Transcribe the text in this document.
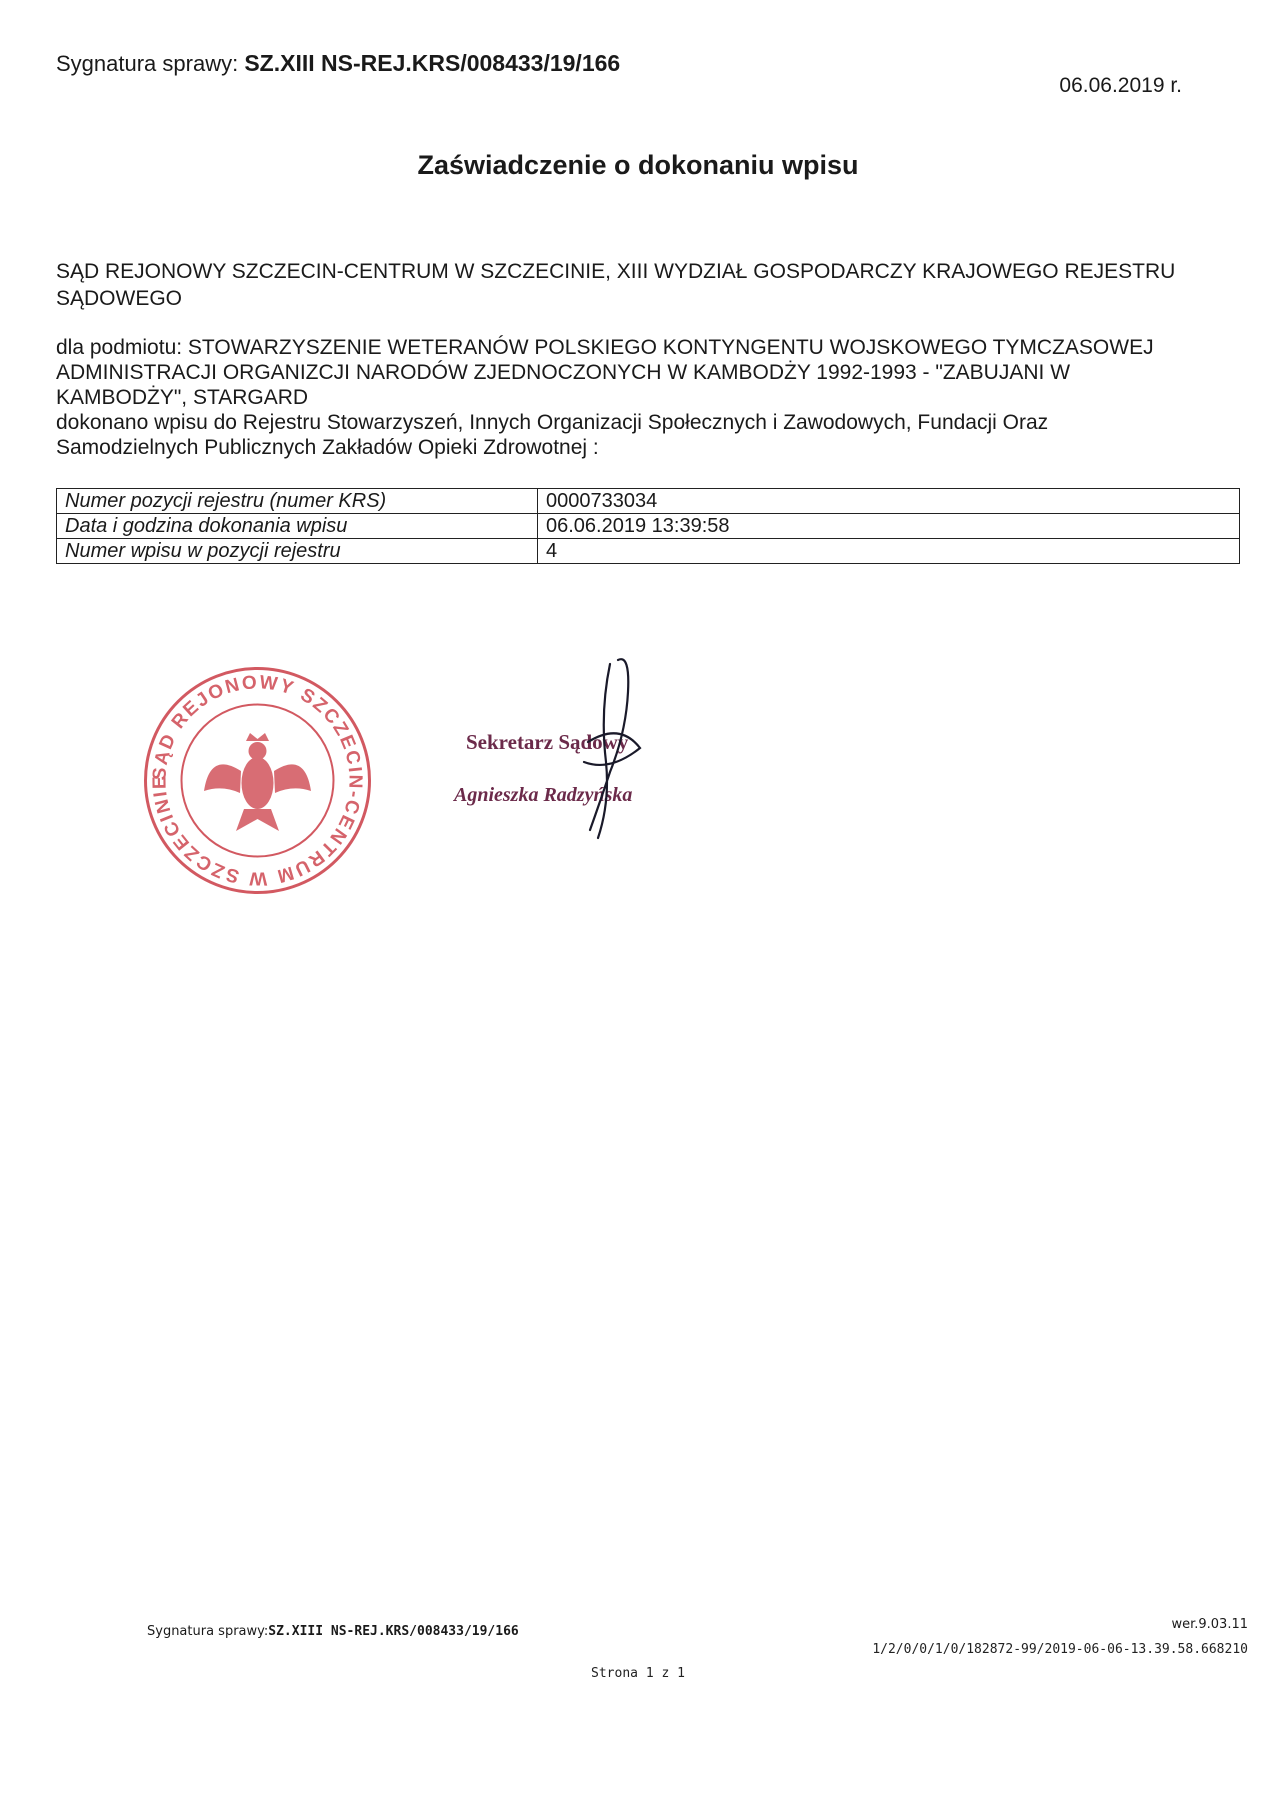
Sygnatura sprawy: SZ.XIII NS-REJ.KRS/008433/19/166
06.06.2019 r.
Zaświadczenie o dokonaniu wpisu
SĄD REJONOWY SZCZECIN-CENTRUM W SZCZECINIE, XIII WYDZIAŁ GOSPODARCZY KRAJOWEGO REJESTRU SĄDOWEGO
dla podmiotu: STOWARZYSZENIE WETERANÓW POLSKIEGO KONTYNGENTU WOJSKOWEGO TYMCZASOWEJ
ADMINISTRACJI ORGANIZCJI NARODÓW ZJEDNOCZONYCH W KAMBODŻY 1992-1993 - "ZABUJANI W
KAMBODŻY", STARGARD
dokonano wpisu do Rejestru Stowarzyszeń, Innych Organizacji Społecznych i Zawodowych, Fundacji Oraz
Samodzielnych Publicznych Zakładów Opieki Zdrowotnej :
Numer pozycji rejestru (numer KRS)	0000733034
Data i godzina dokonania wpisu	06.06.2019 13:39:58
Numer wpisu w pozycji rejestru	4
SĄD REJONOWY SZCZECIN-CENTRUM W SZCZECINIE
Sekretarz Sądowy
Agnieszka Radzyńska
Sygnatura sprawy:SZ.XIII NS-REJ.KRS/008433/19/166	wer.9.03.11
1/2/0/0/1/0/182872-99/2019-06-06-13.39.58.668210
Strona 1 z 1
